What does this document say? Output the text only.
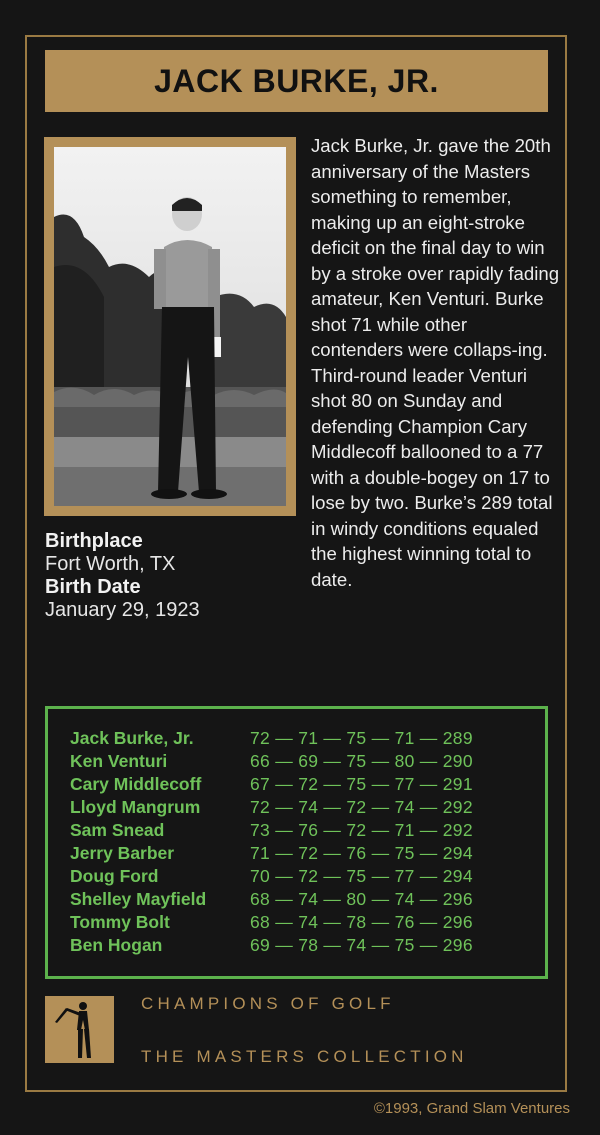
JACK BURKE, JR.
Birthplace
Fort Worth, TX
Birth Date
January 29, 1923
Jack Burke, Jr. gave the 20th anniversary of the Masters something to remember, making up an eight-stroke deficit on the final day to win by a stroke over rapidly fading amateur, Ken Venturi. Burke shot 71 while other contenders were collaps-ing. Third-round leader Venturi shot 80 on Sunday and defending Champion Cary Middlecoff ballooned to a 77 with a double-bogey on 17 to lose by two. Burke’s 289 total in windy conditions equaled the highest winning total to date.
Jack Burke, Jr.	72 — 71 — 75 — 71 — 289
Ken Venturi	66 — 69 — 75 — 80 — 290
Cary Middlecoff	67 — 72 — 75 — 77 — 291
Lloyd Mangrum	72 — 74 — 72 — 74 — 292
Sam Snead	73 — 76 — 72 — 71 — 292
Jerry Barber	71 — 72 — 76 — 75 — 294
Doug Ford	70 — 72 — 75 — 77 — 294
Shelley Mayfield	68 — 74 — 80 — 74 — 296
Tommy Bolt	68 — 74 — 78 — 76 — 296
Ben Hogan	69 — 78 — 74 — 75 — 296
CHAMPIONS OF GOLF
THE MASTERS COLLECTION
©1993, Grand Slam Ventures
